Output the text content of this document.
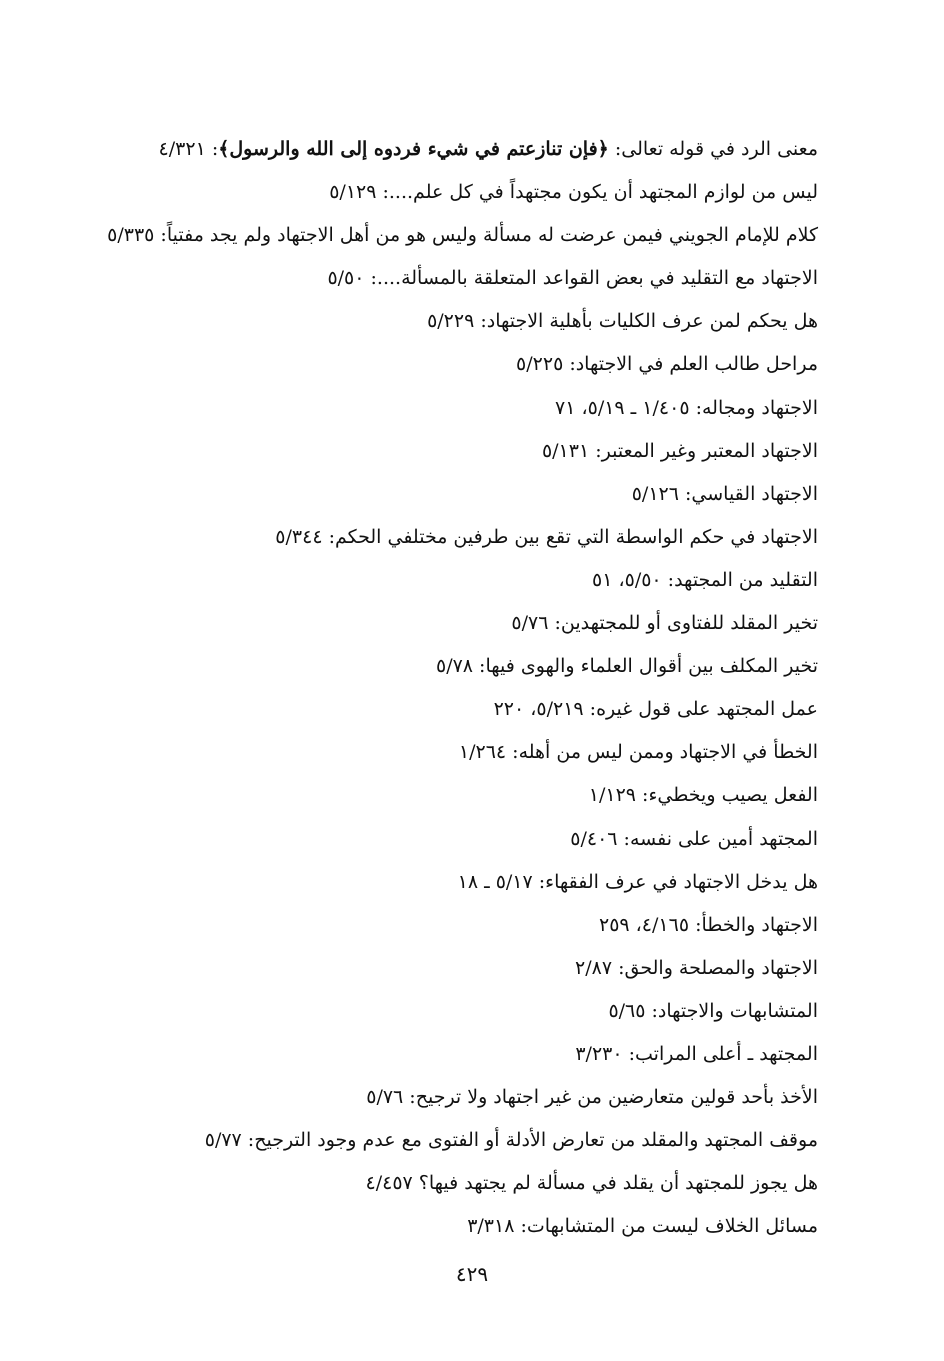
معنى الرد في قوله تعالى: ﴿فإن تنازعتم في شيء فردوه إلى الله والرسول﴾: ٤/٣٢١
ليس من لوازم المجتهد أن يكون مجتهداً في كل علم....: ٥/١٢٩
كلام للإمام الجويني فيمن عرضت له مسألة وليس هو من أهل الاجتهاد ولم يجد مفتياً: ٥/٣٣٥
الاجتهاد مع التقليد في بعض القواعد المتعلقة بالمسألة....: ٥/٥٠
هل يحكم لمن عرف الكليات بأهلية الاجتهاد: ٥/٢٢٩
مراحل طالب العلم في الاجتهاد: ٥/٢٢٥
الاجتهاد ومجاله: ١/٤٠٥ ـ ٥/١٩، ٧١
الاجتهاد المعتبر وغير المعتبر: ٥/١٣١
الاجتهاد القياسي: ٥/١٢٦
الاجتهاد في حكم الواسطة التي تقع بين طرفين مختلفي الحكم: ٥/٣٤٤
التقليد من المجتهد: ٥/٥٠، ٥١
تخير المقلد للفتاوى أو للمجتهدين: ٥/٧٦
تخير المكلف بين أقوال العلماء والهوى فيها: ٥/٧٨
عمل المجتهد على قول غيره: ٥/٢١٩، ٢٢٠
الخطأ في الاجتهاد وممن ليس من أهله: ١/٢٦٤
الفعل يصيب ويخطيء: ١/١٢٩
المجتهد أمين على نفسه: ٥/٤٠٦
هل يدخل الاجتهاد في عرف الفقهاء: ٥/١٧ ـ ١٨
الاجتهاد والخطأ: ٤/١٦٥، ٢٥٩
الاجتهاد والمصلحة والحق: ٢/٨٧
المتشابهات والاجتهاد: ٥/٦٥
المجتهد ـ أعلى المراتب: ٣/٢٣٠
الأخذ بأحد قولين متعارضين من غير اجتهاد ولا ترجيح: ٥/٧٦
موقف المجتهد والمقلد من تعارض الأدلة أو الفتوى مع عدم وجود الترجيح: ٥/٧٧
هل يجوز للمجتهد أن يقلد في مسألة لم يجتهد فيها؟ ٤/٤٥٧
مسائل الخلاف ليست من المتشابهات: ٣/٣١٨
٤٢٩
